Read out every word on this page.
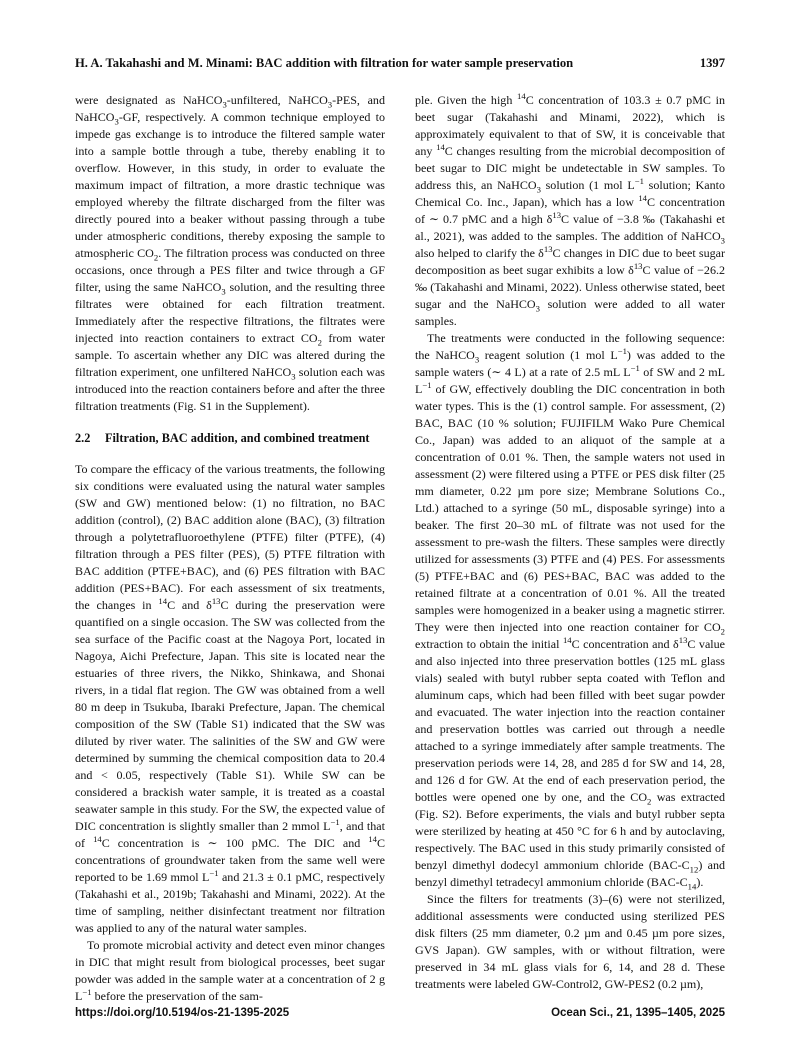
H. A. Takahashi and M. Minami: BAC addition with filtration for water sample preservation	1397

were designated as NaHCO$_3$-unfiltered, NaHCO$_3$-PES, and NaHCO$_3$-GF, respectively. A common technique employed to impede gas exchange is to introduce the filtered sample water into a sample bottle through a tube, thereby enabling it to overflow. However, in this study, in order to evaluate the maximum impact of filtration, a more drastic technique was employed whereby the filtrate discharged from the filter was directly poured into a beaker without passing through a tube under atmospheric conditions, thereby exposing the sample to atmospheric $CO_2$. The filtration process was conducted on three occasions, once through a PES filter and twice through a GF filter, using the same NaHCO$_3$ solution, and the resulting three filtrates were obtained for each filtration treatment. Immediately after the respective filtrations, the filtrates were injected into reaction containers to extract $CO_2$ from water sample. To ascertain whether any DIC was altered during the filtration experiment, one unfiltered NaHCO$_3$ solution each was introduced into the reaction containers before and after the three filtration treatments (Fig. S1 in the Supplement).

2.2 Filtration, BAC addition, and combined treatment

To compare the efficacy of the various treatments, the following six conditions were evaluated using the natural water samples (SW and GW) mentioned below: (1) no filtration, no BAC addition (control), (2) BAC addition alone (BAC), (3) filtration through a polytetrafluoroethylene (PTFE) filter (PTFE), (4) filtration through a PES filter (PES), (5) PTFE filtration with BAC addition (PTFE+BAC), and (6) PES filtration with BAC addition (PES+BAC). For each assessment of six treatments, the changes in $^{14}$C and $\delta^{13}C$ during the preservation were quantified on a single occasion. The SW was collected from the sea surface of the Pacific coast at the Nagoya Port, located in Nagoya, Aichi Prefecture, Japan. This site is located near the estuaries of three rivers, the Nikko, Shinkawa, and Shonai rivers, in a tidal flat region. The GW was obtained from a well 80 m deep in Tsukuba, Ibaraki Prefecture, Japan. The chemical composition of the SW (Table S1) indicated that the SW was diluted by river water. The salinities of the SW and GW were determined by summing the chemical composition data to 20.4 and < 0.05, respectively (Table S1). While SW can be considered a brackish water sample, it is treated as a coastal seawater sample in this study. For the SW, the expected value of DIC concentration is slightly smaller than 2 mmol $L^{-1}$, and that of $^{14}$C concentration is ∼ 100 pMC. The DIC and $^{14}$C concentrations of groundwater taken from the same well were reported to be 1.69 mmol $L^{-1}$ and 21.3 ± 0.1 pMC, respectively (Takahashi et al., 2019b; Takahashi and Minami, 2022). At the time of sampling, neither disinfectant treatment nor filtration was applied to any of the natural water samples.

To promote microbial activity and detect even minor changes in DIC that might result from biological processes, beet sugar powder was added in the sample water at a concentration of 2 g $L^{-1}$ before the preservation of the sam-

ple. Given the high $^{14}$C concentration of 103.3 ± 0.7 pMC in beet sugar (Takahashi and Minami, 2022), which is approximately equivalent to that of SW, it is conceivable that any $^{14}$C changes resulting from the microbial decomposition of beet sugar to DIC might be undetectable in SW samples. To address this, an NaHCO$_3$ solution (1 mol $L^{-1}$ solution; Kanto Chemical Co. Inc., Japan), which has a low $^{14}$C concentration of ∼ 0.7 pMC and a high $\delta^{13}C$ value of −3.8 ‰ (Takahashi et al., 2021), was added to the samples. The addition of NaHCO$_3$ also helped to clarify the $\delta^{13}C$ changes in DIC due to beet sugar decomposition as beet sugar exhibits a low $\delta^{13}C$ value of −26.2 ‰ (Takahashi and Minami, 2022). Unless otherwise stated, beet sugar and the NaHCO$_3$ solution were added to all water samples.

The treatments were conducted in the following sequence: the NaHCO$_3$ reagent solution (1 mol $L^{-1}$) was added to the sample waters (∼ 4 L) at a rate of 2.5 mL $L^{-1}$ of SW and 2 mL $L^{-1}$ of GW, effectively doubling the DIC concentration in both water types. This is the (1) control sample. For assessment, (2) BAC, BAC (10 % solution; FUJIFILM Wako Pure Chemical Co., Japan) was added to an aliquot of the sample at a concentration of 0.01 %. Then, the sample waters not used in assessment (2) were filtered using a PTFE or PES disk filter (25 mm diameter, 0.22 µm pore size; Membrane Solutions Co., Ltd.) attached to a syringe (50 mL, disposable syringe) into a beaker. The first 20–30 mL of filtrate was not used for the assessment to pre-wash the filters. These samples were directly utilized for assessments (3) PTFE and (4) PES. For assessments (5) PTFE+BAC and (6) PES+BAC, BAC was added to the retained filtrate at a concentration of 0.01 %. All the treated samples were homogenized in a beaker using a magnetic stirrer. They were then injected into one reaction container for $CO_2$ extraction to obtain the initial $^{14}$C concentration and $\delta^{13}C$ value and also injected into three preservation bottles (125 mL glass vials) sealed with butyl rubber septa coated with Teflon and aluminum caps, which had been filled with beet sugar powder and evacuated. The water injection into the reaction container and preservation bottles was carried out through a needle attached to a syringe immediately after sample treatments. The preservation periods were 14, 28, and 285 d for SW and 14, 28, and 126 d for GW. At the end of each preservation period, the bottles were opened one by one, and the $CO_2$ was extracted (Fig. S2). Before experiments, the vials and butyl rubber septa were sterilized by heating at 450 °C for 6 h and by autoclaving, respectively. The BAC used in this study primarily consisted of benzyl dimethyl dodecyl ammonium chloride $(BAC-C_{12})$ and benzyl dimethyl tetradecyl ammonium chloride $(BAC-C_{14})$.

Since the filters for treatments (3)–(6) were not sterilized, additional assessments were conducted using sterilized PES disk filters (25 mm diameter, 0.2 µm and 0.45 µm pore sizes, GVS Japan). GW samples, with or without filtration, were preserved in 34 mL glass vials for 6, 14, and 28 d. These treatments were labeled GW-Control2, GW-PES2 (0.2 µm),

https://doi.org/10.5194/os-21-1395-2025	Ocean Sci., 21, 1395–1405, 2025
